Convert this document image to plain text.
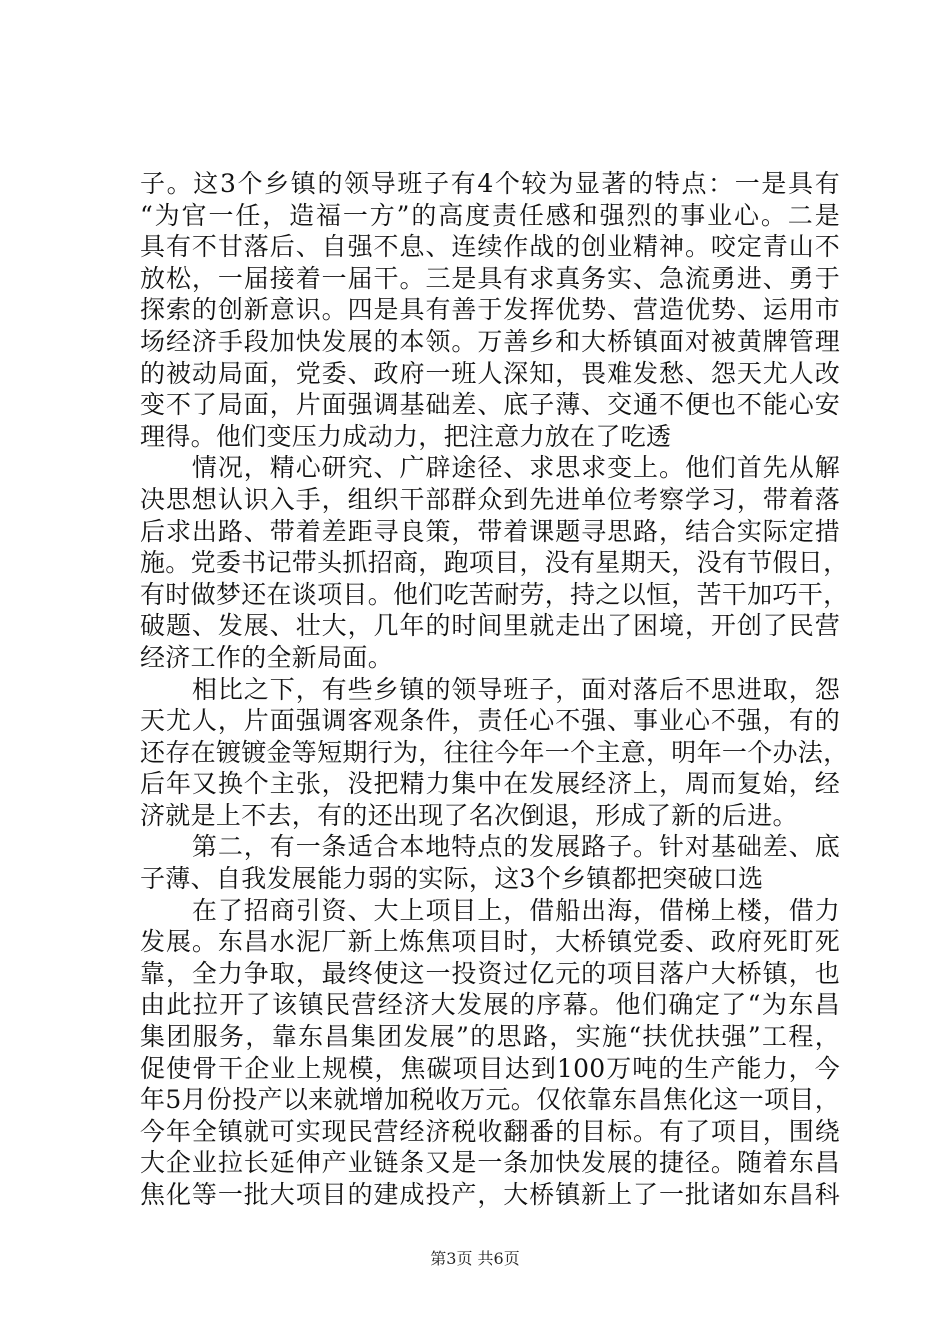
子。这3个乡镇的领导班子有4个较为显著的特点：一是具有
“为官一任，造福一方”的高度责任感和强烈的事业心。二是
具有不甘落后、自强不息、连续作战的创业精神。咬定青山不
放松，一届接着一届干。三是具有求真务实、急流勇进、勇于
探索的创新意识。四是具有善于发挥优势、营造优势、运用市
场经济手段加快发展的本领。万善乡和大桥镇面对被黄牌管理
的被动局面，党委、政府一班人深知，畏难发愁、怨天尤人改
变不了局面，片面强调基础差、底子薄、交通不便也不能心安
理得。他们变压力成动力，把注意力放在了吃透
　　情况，精心研究、广辟途径、求思求变上。他们首先从解
决思想认识入手，组织干部群众到先进单位考察学习，带着落
后求出路、带着差距寻良策，带着课题寻思路，结合实际定措
施。党委书记带头抓招商，跑项目，没有星期天，没有节假日，
有时做梦还在谈项目。他们吃苦耐劳，持之以恒，苦干加巧干，
破题、发展、壮大，几年的时间里就走出了困境，开创了民营
经济工作的全新局面。
　　相比之下，有些乡镇的领导班子，面对落后不思进取，怨
天尤人，片面强调客观条件，责任心不强、事业心不强，有的
还存在镀镀金等短期行为，往往今年一个主意，明年一个办法，
后年又换个主张，没把精力集中在发展经济上，周而复始，经
济就是上不去，有的还出现了名次倒退，形成了新的后进。
　　第二，有一条适合本地特点的发展路子。针对基础差、底
子薄、自我发展能力弱的实际，这3个乡镇都把突破口选
　　在了招商引资、大上项目上，借船出海，借梯上楼，借力
发展。东昌水泥厂新上炼焦项目时，大桥镇党委、政府死盯死
靠，全力争取，最终使这一投资过亿元的项目落户大桥镇，也
由此拉开了该镇民营经济大发展的序幕。他们确定了“为东昌
集团服务，靠东昌集团发展”的思路，实施“扶优扶强”工程，
促使骨干企业上规模，焦碳项目达到100万吨的生产能力，今
年5月份投产以来就增加税收万元。仅依靠东昌焦化这一项目，
今年全镇就可实现民营经济税收翻番的目标。有了项目，围绕
大企业拉长延伸产业链条又是一条加快发展的捷径。随着东昌
焦化等一批大项目的建成投产，大桥镇新上了一批诸如东昌科
第3页 共6页
